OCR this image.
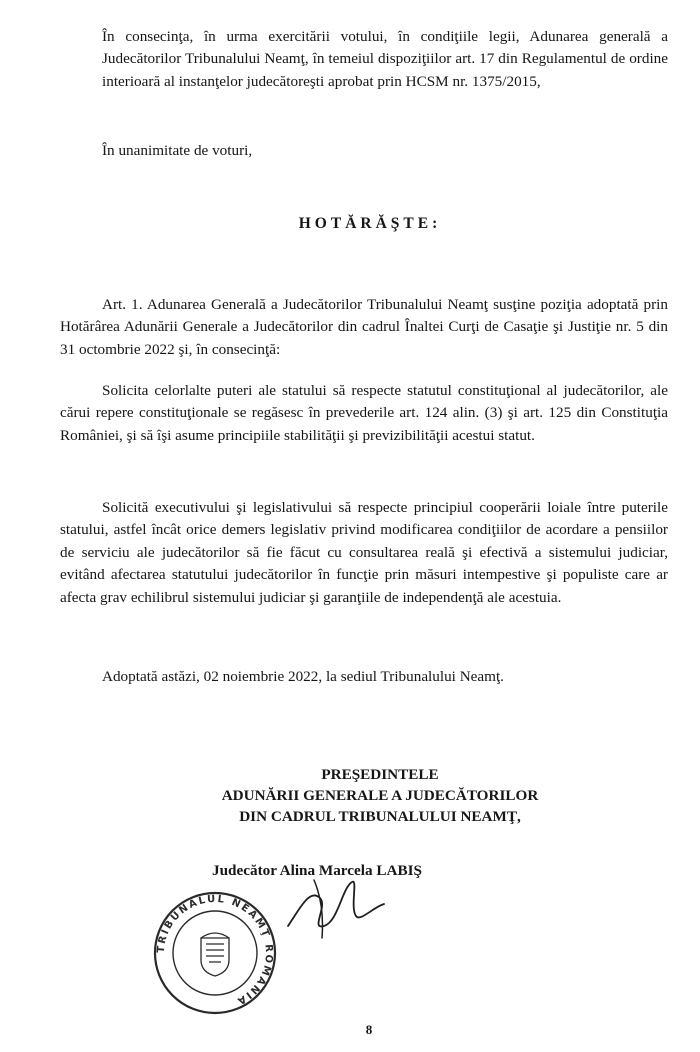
În consecinţa, în urma exercitării votului, în condiţiile legii, Adunarea generală a Judecătorilor Tribunalului Neamţ, în temeiul dispoziţiilor art. 17 din Regulamentul de ordine interioară al instanţelor judecătoreşti aprobat prin HCSM nr. 1375/2015,

În unanimitate de voturi,

HOTĂRĂŞTE:

Art. 1. Adunarea Generală a Judecătorilor Tribunalului Neamţ susţine poziţia adoptată prin Hotărârea Adunării Generale a Judecătorilor din cadrul Înaltei Curţi de Casaţie şi Justiţie nr. 5 din 31 octombrie 2022 şi, în consecinţă:

Solicita celorlalte puteri ale statului să respecte statutul constituţional al judecătorilor, ale cărui repere constituţionale se regăsesc în prevederile art. 124 alin. (3) şi art. 125 din Constituţia României, şi să îşi asume principiile stabilităţii şi previzibilităţii acestui statut.

Solicită executivului şi legislativului să respecte principiul cooperării loiale între puterile statului, astfel încât orice demers legislativ privind modificarea condiţiilor de acordare a pensiilor de serviciu ale judecătorilor să fie făcut cu consultarea reală şi efectivă a sistemului judiciar, evitând afectarea statutului judecătorilor în funcţie prin măsuri intempestive şi populiste care ar afecta grav echilibrul sistemului judiciar şi garanţiile de independenţă ale acestuia.

Adoptată astăzi, 02 noiembrie 2022, la sediul Tribunalului Neamţ.

PREŞEDINTELE
ADUNĂRII GENERALE A JUDECĂTORILOR
DIN CADRUL TRIBUNALULUI NEAMŢ,
Judecător Alina Marcela LABIŞ
TRIBUNALUL NEAMŢ ROMÂNIA
8
